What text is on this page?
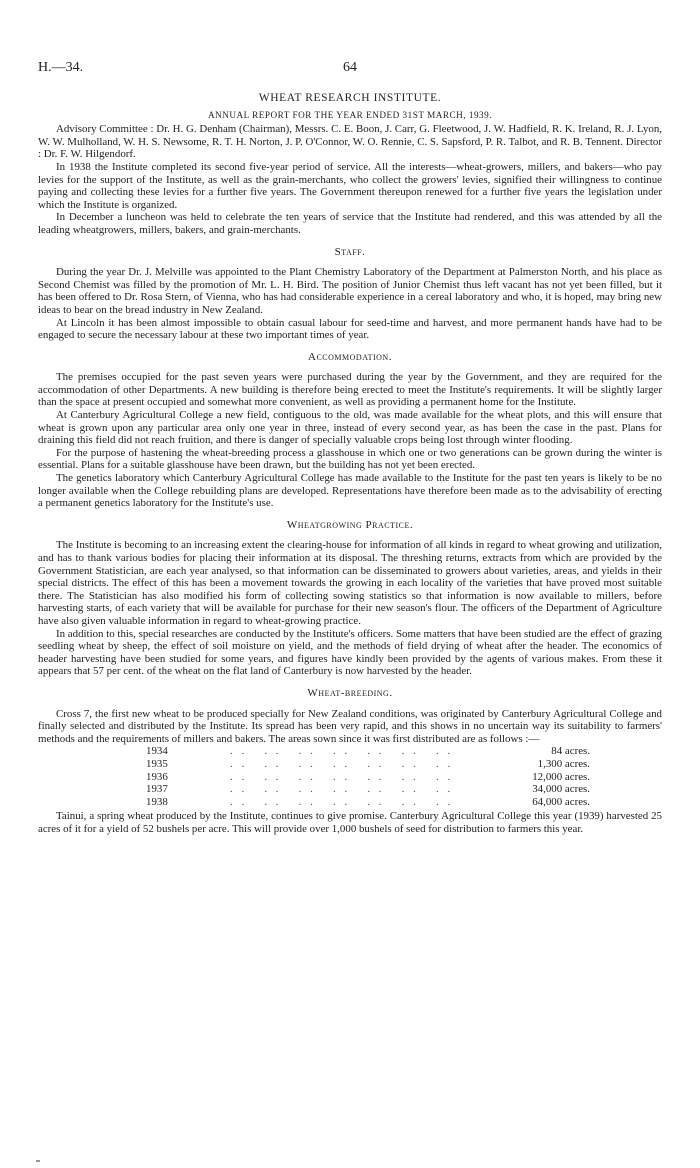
H.—34.	64
WHEAT RESEARCH INSTITUTE.
ANNUAL REPORT FOR THE YEAR ENDED 31ST MARCH, 1939.

Advisory Committee : Dr. H. G. Denham (Chairman), Messrs. C. E. Boon, J. Carr, G. Fleetwood, J. W. Hadfield, R. K. Ireland, R. J. Lyon, W. W. Mulholland, W. H. S. Newsome, R. T. H. Norton, J. P. O'Connor, W. O. Rennie, C. S. Sapsford, P. R. Talbot, and R. B. Tennent. Director : Dr. F. W. Hilgendorf.

In 1938 the Institute completed its second five-year period of service. All the interests—wheat-growers, millers, and bakers—who pay levies for the support of the Institute, as well as the grain-merchants, who collect the growers' levies, signified their willingness to continue paying and collecting these levies for a further five years. The Government thereupon renewed for a further five years the legislation under which the Institute is organized.

In December a luncheon was held to celebrate the ten years of service that the Institute had rendered, and this was attended by all the leading wheatgrowers, millers, bakers, and grain-merchants.

Staff.

During the year Dr. J. Melville was appointed to the Plant Chemistry Laboratory of the Department at Palmerston North, and his place as Second Chemist was filled by the promotion of Mr. L. H. Bird. The position of Junior Chemist thus left vacant has not yet been filled, but it has been offered to Dr. Rosa Stern, of Vienna, who has had considerable experience in a cereal laboratory and who, it is hoped, may bring new ideas to bear on the bread industry in New Zealand.

At Lincoln it has been almost impossible to obtain casual labour for seed-time and harvest, and more permanent hands have had to be engaged to secure the necessary labour at these two important times of year.

Accommodation.

The premises occupied for the past seven years were purchased during the year by the Government, and they are required for the accommodation of other Departments. A new building is therefore being erected to meet the Institute's requirements. It will be slightly larger than the space at present occupied and somewhat more convenient, as well as providing a permanent home for the Institute.

At Canterbury Agricultural College a new field, contiguous to the old, was made available for the wheat plots, and this will ensure that wheat is grown upon any particular area only one year in three, instead of every second year, as has been the case in the past. Plans for draining this field did not reach fruition, and there is danger of specially valuable crops being lost through winter flooding.

For the purpose of hastening the wheat-breeding process a glasshouse in which one or two generations can be grown during the winter is essential. Plans for a suitable glasshouse have been drawn, but the building has not yet been erected.

The genetics laboratory which Canterbury Agricultural College has made available to the Institute for the past ten years is likely to be no longer available when the College rebuilding plans are developed. Representations have therefore been made as to the advisability of erecting a permanent genetics laboratory for the Institute's use.

Wheatgrowing Practice.

The Institute is becoming to an increasing extent the clearing-house for information of all kinds in regard to wheat growing and utilization, and has to thank various bodies for placing their information at its disposal. The threshing returns, extracts from which are provided by the Government Statistician, are each year analysed, so that information can be disseminated to growers about varieties, areas, and yields in their special districts. The effect of this has been a movement towards the growing in each locality of the varieties that have proved most suitable there. The Statistician has also modified his form of collecting sowing statistics so that information is now available to millers, before harvesting starts, of each variety that will be available for purchase for their new season's flour. The officers of the Department of Agriculture have also given valuable information in regard to wheat-growing practice.

In addition to this, special researches are conducted by the Institute's officers. Some matters that have been studied are the effect of grazing seedling wheat by sheep, the effect of soil moisture on yield, and the methods of field drying of wheat after the header. The economics of header harvesting have been studied for some years, and figures have kindly been provided by the agents of various makes. From these it appears that 57 per cent. of the wheat on the flat land of Canterbury is now harvested by the header.

Wheat-breeding.

Cross 7, the first new wheat to be produced specially for New Zealand conditions, was originated by Canterbury Agricultural College and finally selected and distributed by the Institute. Its spread has been very rapid, and this shows in no uncertain way its suitability to farmers' methods and the requirements of millers and bakers. The areas sown since it was first distributed are as follows :—

1934	. .   . .   . .   . .   . .   . .   . .	84 acres.
1935	. .   . .   . .   . .   . .   . .   . .	1,300 acres.
1936	. .   . .   . .   . .   . .   . .   . .	12,000 acres.
1937	. .   . .   . .   . .   . .   . .   . .	34,000 acres.
1938	. .   . .   . .   . .   . .   . .   . .	64,000 acres.

Tainui, a spring wheat produced by the Institute, continues to give promise. Canterbury Agricultural College this year (1939) harvested 25 acres of it for a yield of 52 bushels per acre. This will provide over 1,000 bushels of seed for distribution to farmers this year.
